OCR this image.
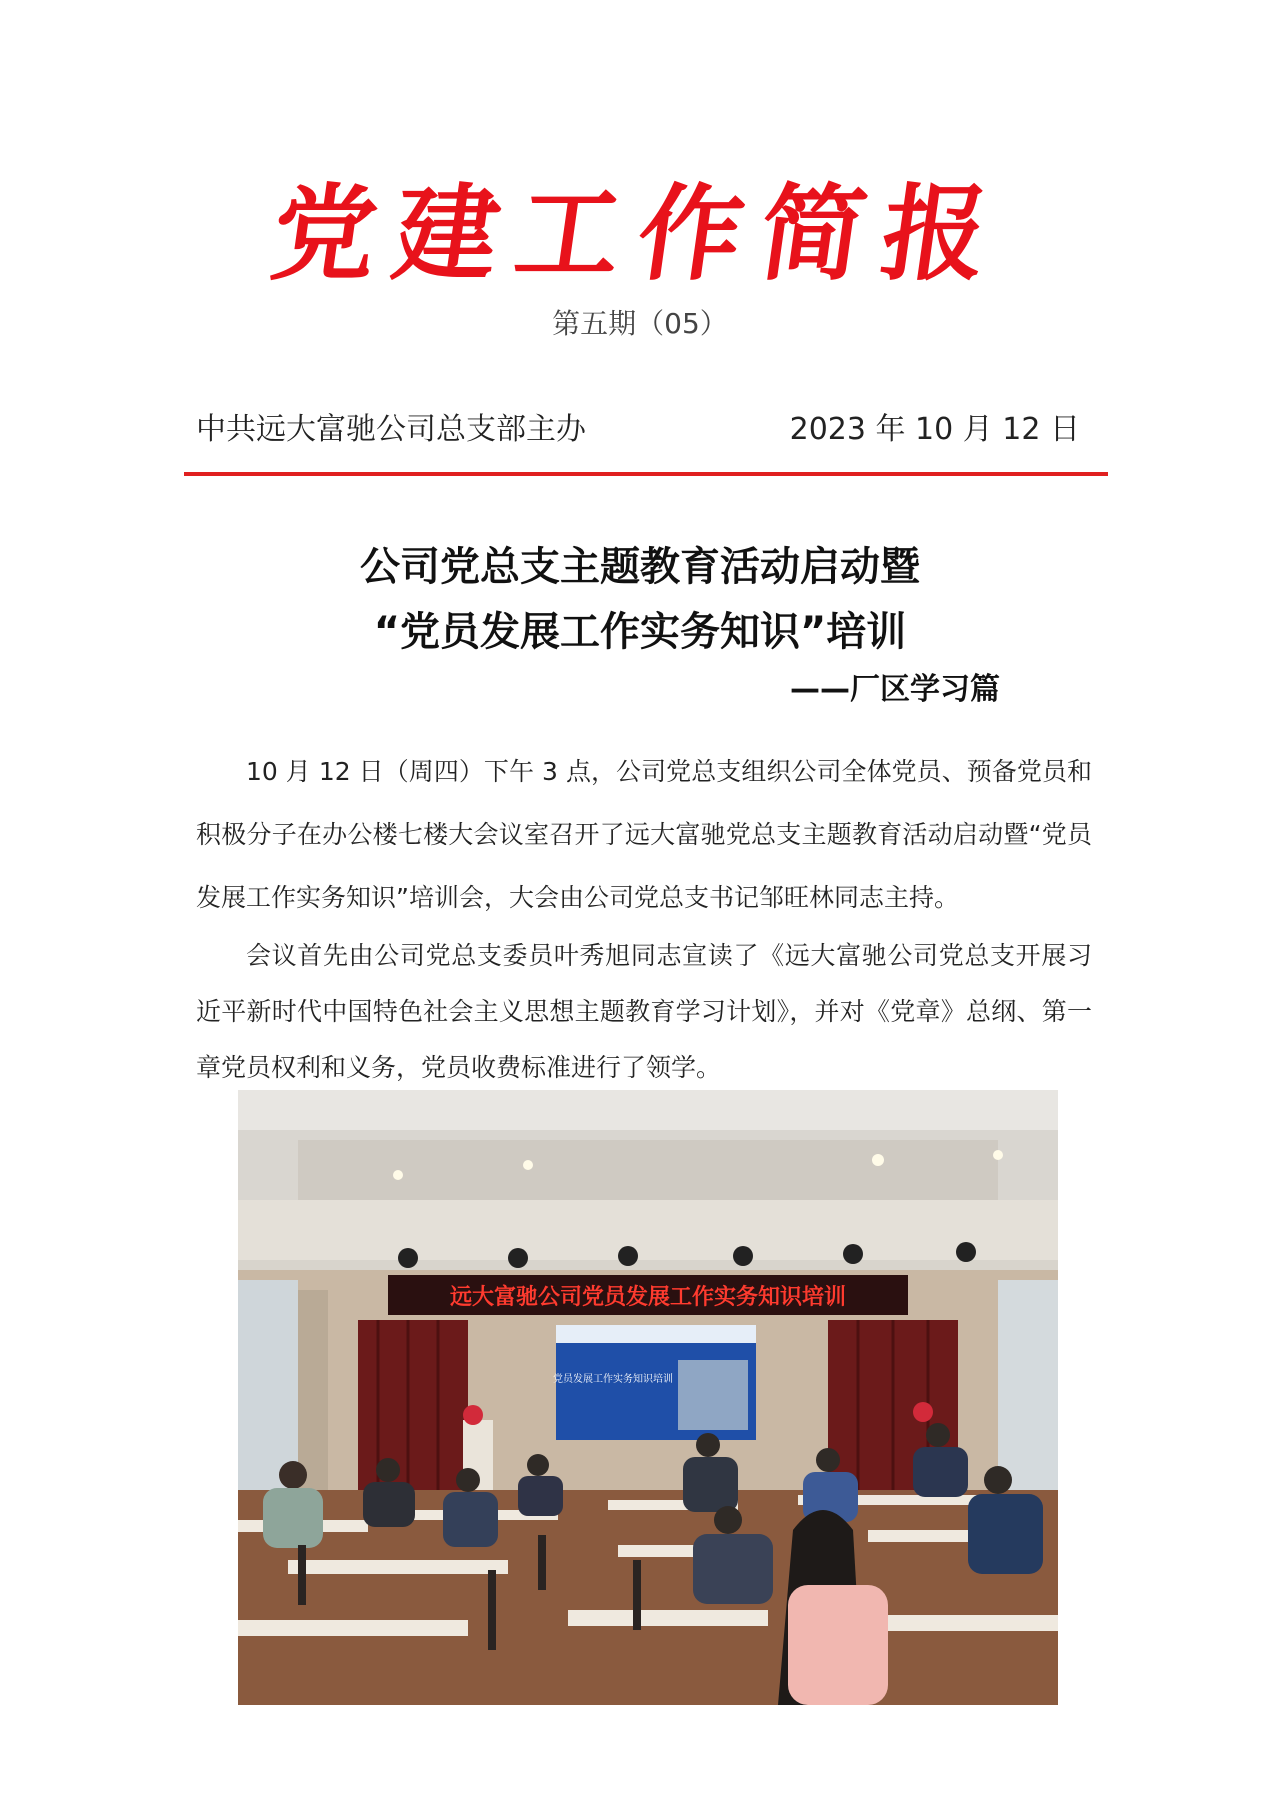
党建工作简报
第五期（05）
中共远大富驰公司总支部主办	2023 年 10 月 12 日
公司党总支主题教育活动启动暨
“党员发展工作实务知识”培训
——厂区学习篇

10 月 12 日（周四）下午 3 点，公司党总支组织公司全体党员、预备党员和积极分子在办公楼七楼大会议室召开了远大富驰党总支主题教育活动启动暨“党员发展工作实务知识”培训会，大会由公司党总支书记邹旺林同志主持。

会议首先由公司党总支委员叶秀旭同志宣读了《远大富驰公司党总支开展习近平新时代中国特色社会主义思想主题教育学习计划》，并对《党章》总纲、第一章党员权利和义务，党员收费标准进行了领学。

远大富驰公司党员发展工作实务知识培训
党员发展工作实务知识培训
